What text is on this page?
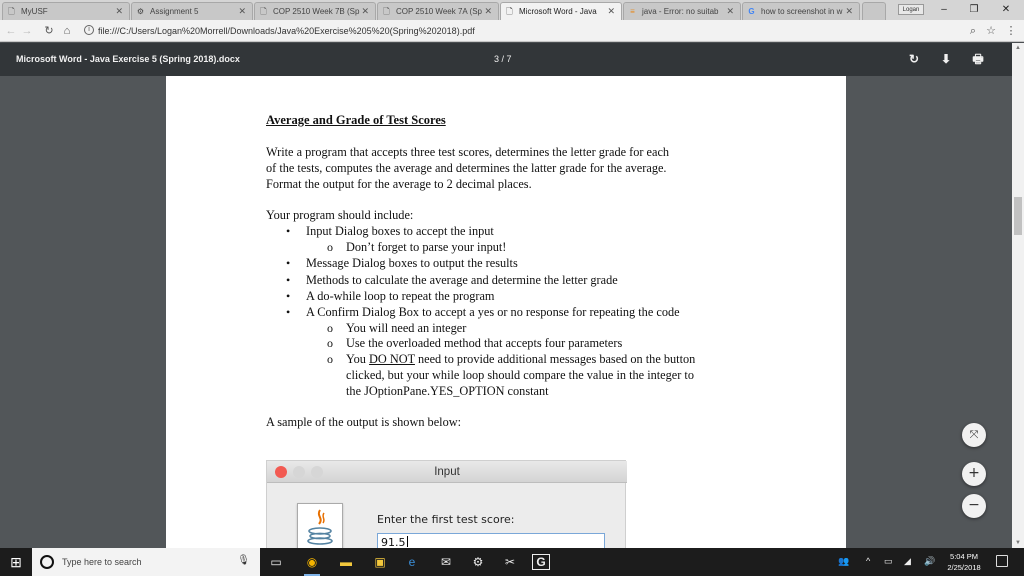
🗋 MyUSF	✕ ⚙ Assignment 5	✕ 🗋 COP 2510 Week 7B (Sp ✕ 🗋 COP 2510 Week 7A (Sp ✕ 🗋 Microsoft Word - Java ✕ ≡ java - Error: no suitab ✕ G how to screenshot in w ✕	Logan	–	❐	✕
← → ↻ ⌂	i file:///C:/Users/Logan%20Morrell/Downloads/Java%20Exercise%205%20(Spring%202018).pdf	⌕ ☆ ⋮
Microsoft Word - Java Exercise 5 (Spring 2018).docx	3 / 7	↻ ⬇ 🖶
Average and Grade of Test Scores
Write a program that accepts three test scores, determines the letter grade for each
of the tests, computes the average and determines the latter grade for the average.
Format the output for the average to 2 decimal places.
Your program should include:
• Input Dialog boxes to accept the input
o Don’t forget to parse your input!
• Message Dialog boxes to output the results
• Methods to calculate the average and determine the letter grade
• A do-while loop to repeat the program
• A Confirm Dialog Box to accept a yes or no response for repeating the code
o You will need an integer
o Use the overloaded method that accepts four parameters
o You DO NOT need to provide additional messages based on the button
clicked, but your while loop should compare the value in the integer to
the JOptionPane.YES_OPTION constant
A sample of the output is shown below:
Input
Enter the first test score:
91.5
⤧
+
−
▲
▼
⊞	Type here to search	🎙	▭	◉	▬	▣	e	✉	⚙	✂	G	👥 ^ ▭ ◢ 🔊	5:04 PM
2/25/2018
